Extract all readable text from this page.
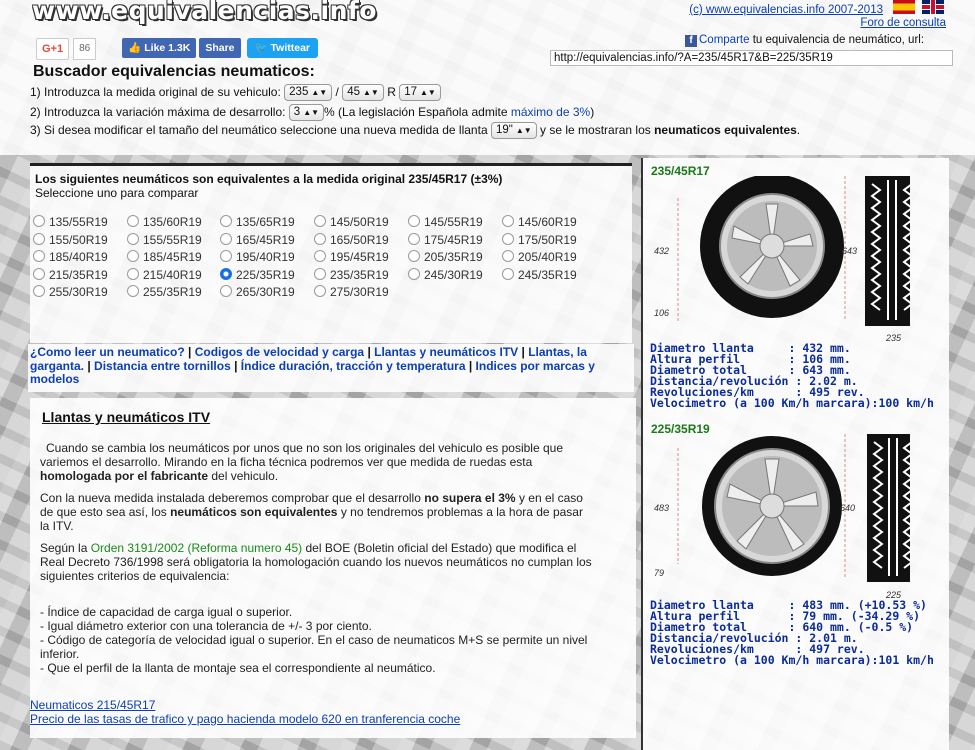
www.equivalencias.info	(c) www.equivalencias.info 2007-2013
Foro de consulta
f Comparte tu equivalencia de neumático, url:
http://equivalencias.info/?A=235/45R17&B=225/35R19
G+1 86	👍 Like 1.3K Share 🐦 Twittear
Buscador equivalencias neumaticos:
1) Introduzca la medida original de su vehiculo: 235 ▲▼ / 45 ▲▼ R 17 ▲▼
2) Introduzca la variación máxima de desarrollo: 3 ▲▼ % (La legislación Española admite máximo de 3%)
3) Si desea modificar el tamaño del neumático seleccione una nueva medida de llanta 19" ▲▼ y se le mostraran los neumaticos equivalentes.
Los siguientes neumáticos son equivalentes a la medida original 235/45R17 (±3%)
Seleccione uno para comparar
135/55R19	135/60R19	135/65R19	145/50R19	145/55R19	145/60R19
155/50R19	155/55R19	165/45R19	165/50R19	175/45R19	175/50R19
185/40R19	185/45R19	195/40R19	195/45R19	205/35R19	205/40R19
215/35R19	215/40R19	225/35R19	235/35R19	245/30R19	245/35R19
255/30R19	255/35R19	265/30R19	275/30R19
¿Como leer un neumatico? | Codigos de velocidad y carga | Llantas y neumáticos ITV | Llantas, la garganta. | Distancia entre tornillos | Índice duración, tracción y temperatura | Indices por marcas y modelos
Llantas y neumáticos ITV
Cuando se cambia los neumáticos por unos que no son los originales del vehiculo es posible que variemos el desarrollo. Mirando en la ficha técnica podremos ver que medida de ruedas esta homologada por el fabricante del vehiculo.
Con la nueva medida instalada deberemos comprobar que el desarrollo no supera el 3% y en el caso de que esto sea así, los neumáticos son equivalentes y no tendremos problemas a la hora de pasar la ITV.
Según la Orden 3191/2002 (Reforma numero 45) del BOE (Boletin oficial del Estado) que modifica el Real Decreto 736/1998 será obligatoria la homologación cuando los nuevos neumáticos no cumplan los siguientes criterios de equivalencia:
- Índice de capacidad de carga igual o superior.
- Igual diámetro exterior con una tolerancia de +/- 3 por ciento.
- Código de categoría de velocidad igual o superior. En el caso de neumaticos M+S se permite un nivel inferior.
- Que el perfil de la llanta de montaje sea el correspondiente al neumático.
Neumaticos 215/45R17
Precio de las tasas de trafico y pago hacienda modelo 620 en tranferencia coche
235/45R17
432	643
106
235
Diametro llanta     : 432 mm.
Altura perfil       : 106 mm.
Diametro total      : 643 mm.
Distancia/revolución : 2.02 m.
Revoluciones/km      : 495 rev.
Velocimetro (a 100 Km/h marcara):100 km/h
225/35R19
483	640
79
225
Diametro llanta     : 483 mm. (+10.53 %)
Altura perfil       : 79 mm. (-34.29 %)
Diametro total      : 640 mm. (-0.5 %)
Distancia/revolución : 2.01 m.
Revoluciones/km      : 497 rev.
Velocimetro (a 100 Km/h marcara):101 km/h
